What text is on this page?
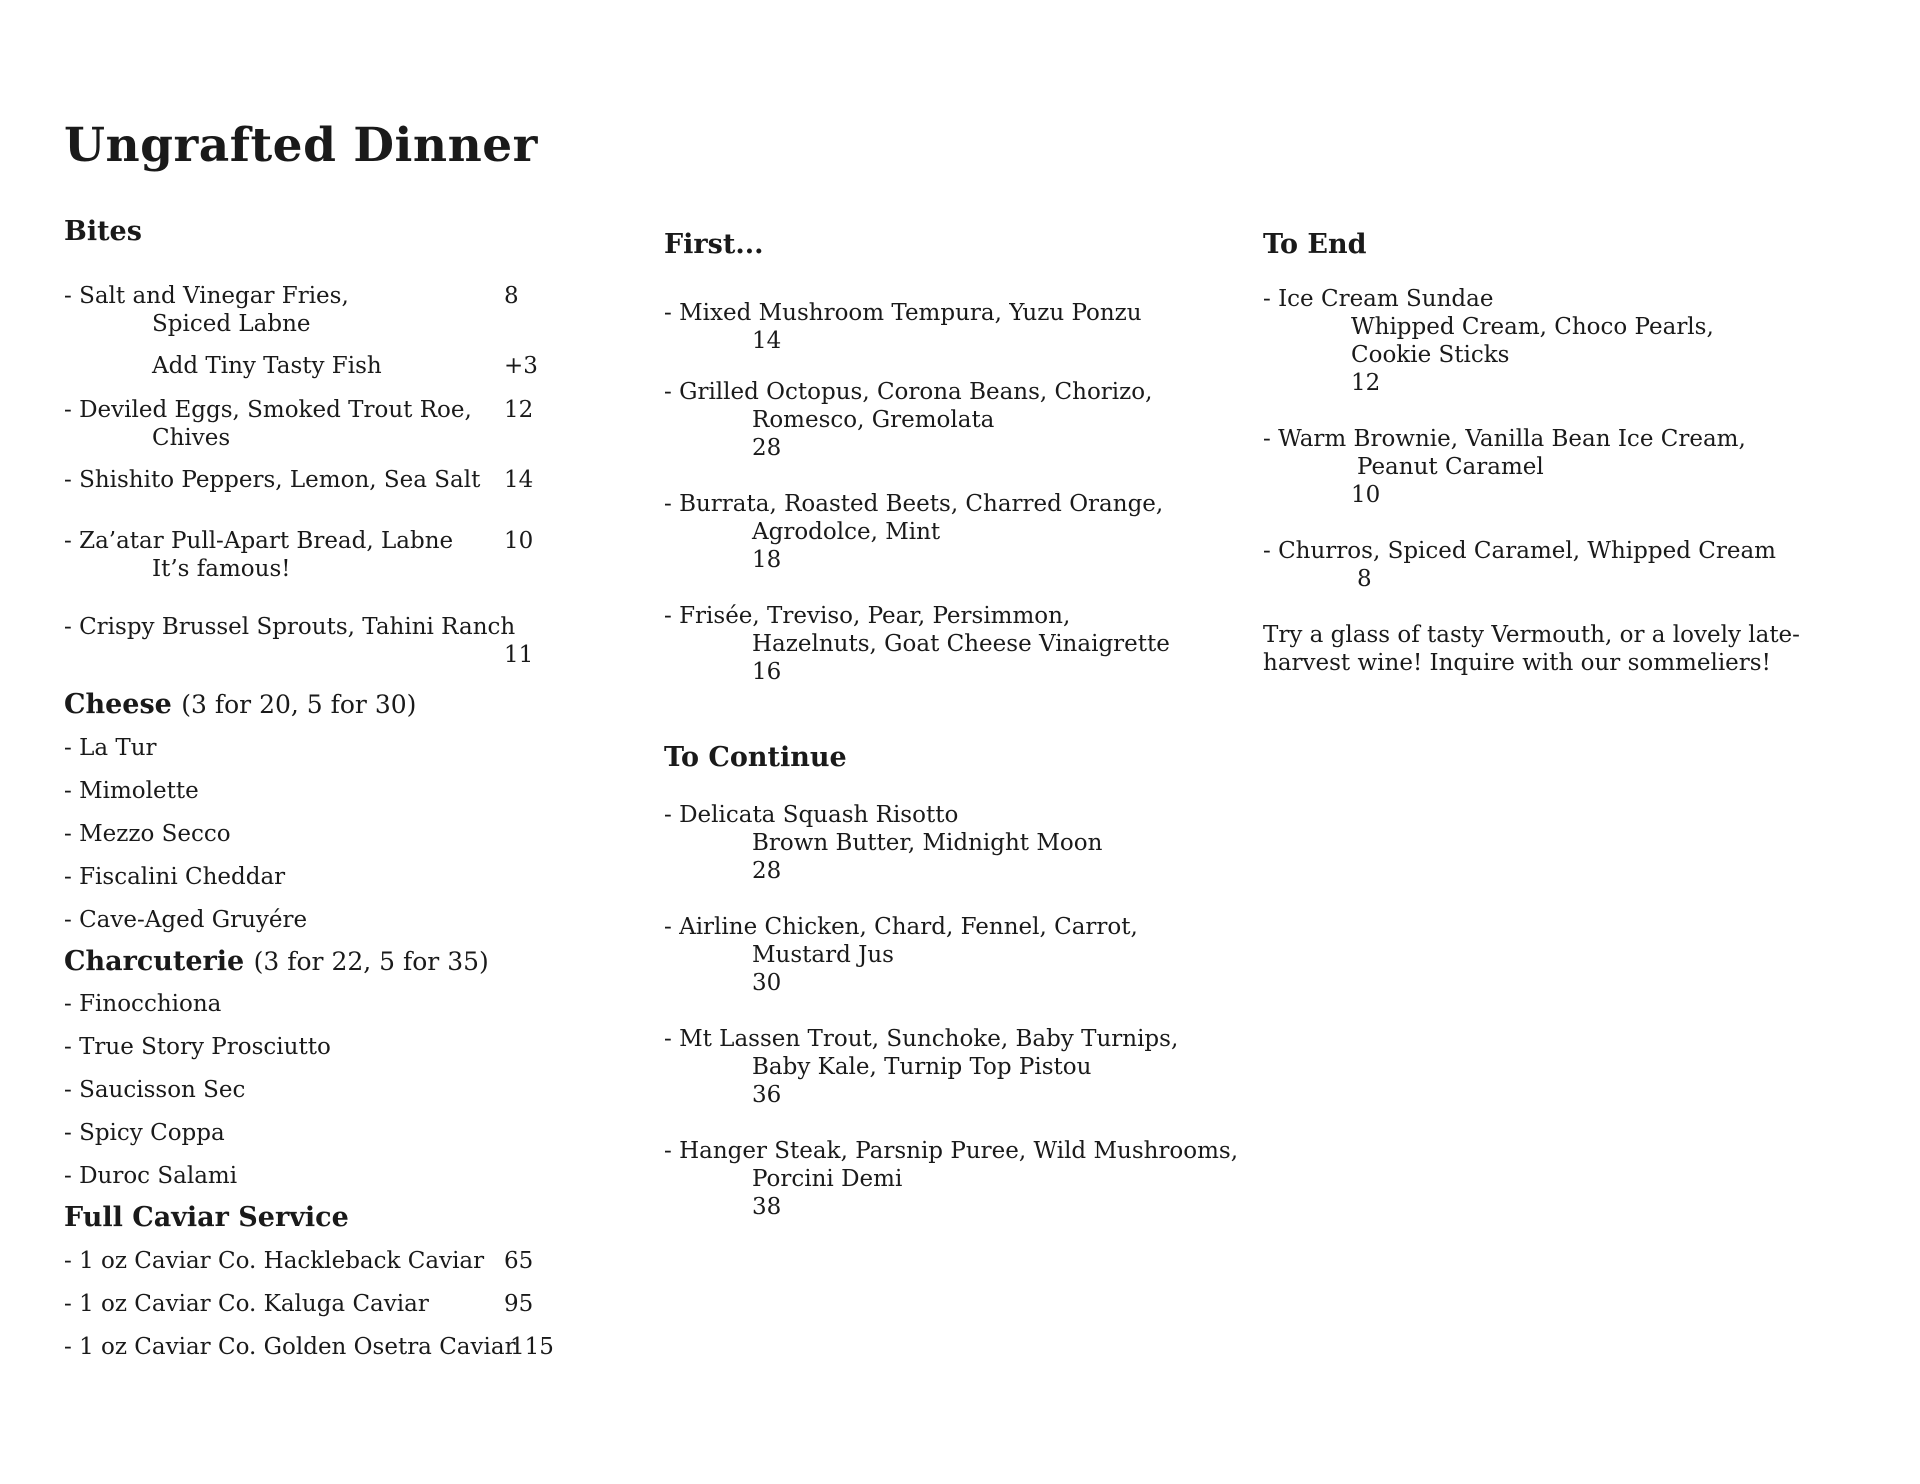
Ungrafted Dinner
Bites
- Salt and Vinegar Fries,
Spiced Labne
8
Add Tiny Tasty Fish	+3
- Deviled Eggs, Smoked Trout Roe,
Chives
12
- Shishito Peppers, Lemon, Sea Salt	14
- Za’atar Pull-Apart Bread, Labne
It’s famous!
10
- Crispy Brussel Sprouts, Tahini Ranch
11
Cheese (3 for 20, 5 for 30)
- La Tur
- Mimolette
- Mezzo Secco
- Fiscalini Cheddar
- Cave-Aged Gruyére
Charcuterie (3 for 22, 5 for 35)
- Finocchiona
- True Story Prosciutto
- Saucisson Sec
- Spicy Coppa
- Duroc Salami
Full Caviar Service
- 1 oz Caviar Co. Hackleback Caviar 65
- 1 oz Caviar Co. Kaluga Caviar	95
- 1 oz Caviar Co. Golden Osetra Caviar
115
First...
- Mixed Mushroom Tempura, Yuzu Ponzu
14
- Grilled Octopus, Corona Beans, Chorizo,
Romesco, Gremolata
28
- Burrata, Roasted Beets, Charred Orange,
Agrodolce, Mint
18
- Frisée, Treviso, Pear, Persimmon,
Hazelnuts, Goat Cheese Vinaigrette
16
To Continue
- Delicata Squash Risotto
Brown Butter, Midnight Moon
28
- Airline Chicken, Chard, Fennel, Carrot,
Mustard Jus
30
- Mt Lassen Trout, Sunchoke, Baby Turnips,
Baby Kale, Turnip Top Pistou
36
- Hanger Steak, Parsnip Puree, Wild Mushrooms,
Porcini Demi
38
To End
- Ice Cream Sundae
Whipped Cream, Choco Pearls,
Cookie Sticks
12
- Warm Brownie, Vanilla Bean Ice Cream,
Peanut Caramel
10
- Churros, Spiced Caramel, Whipped Cream
8
Try a glass of tasty Vermouth, or a lovely late-harvest wine! Inquire with our sommeliers!
